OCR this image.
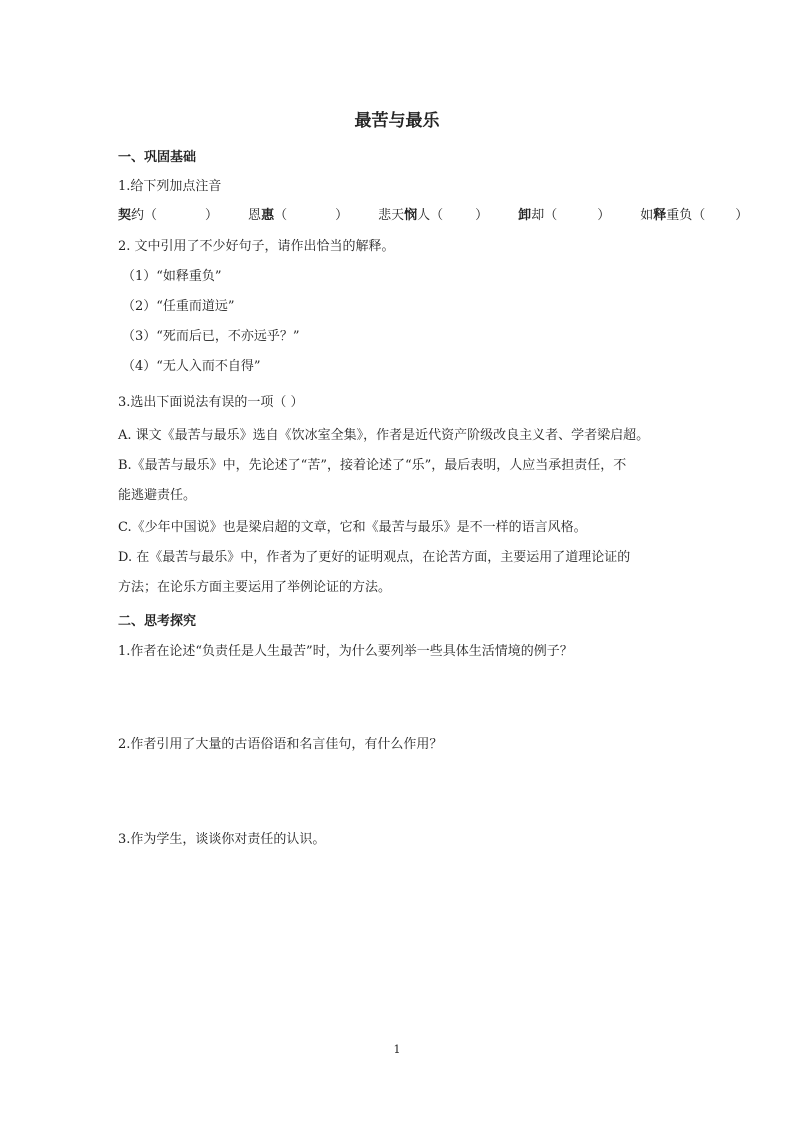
最苦与最乐
一、巩固基础
1.给下列加点注音
契约（	） 恩惠（	） 悲天悯人（ ） 卸却（	） 如释重负（ ）
2. 文中引用了不少好句子，请作出恰当的解释。
（1）“如释重负”
（2）“任重而道远”
（3）“死而后已，不亦远乎？”
（4）“无人入而不自得”
3.选出下面说法有误的一项（ ）
A. 课文《最苦与最乐》选自《饮冰室全集》，作者是近代资产阶级改良主义者、学者梁启超。
B.《最苦与最乐》中，先论述了“苦”，接着论述了“乐”，最后表明，人应当承担责任，不
能逃避责任。
C.《少年中国说》也是梁启超的文章，它和《最苦与最乐》是不一样的语言风格。
D. 在《最苦与最乐》中，作者为了更好的证明观点，在论苦方面，主要运用了道理论证的
方法；在论乐方面主要运用了举例论证的方法。
二、思考探究
1.作者在论述“负责任是人生最苦”时，为什么要列举一些具体生活情境的例子？
2.作者引用了大量的古语俗语和名言佳句，有什么作用？
3.作为学生，谈谈你对责任的认识。
1
